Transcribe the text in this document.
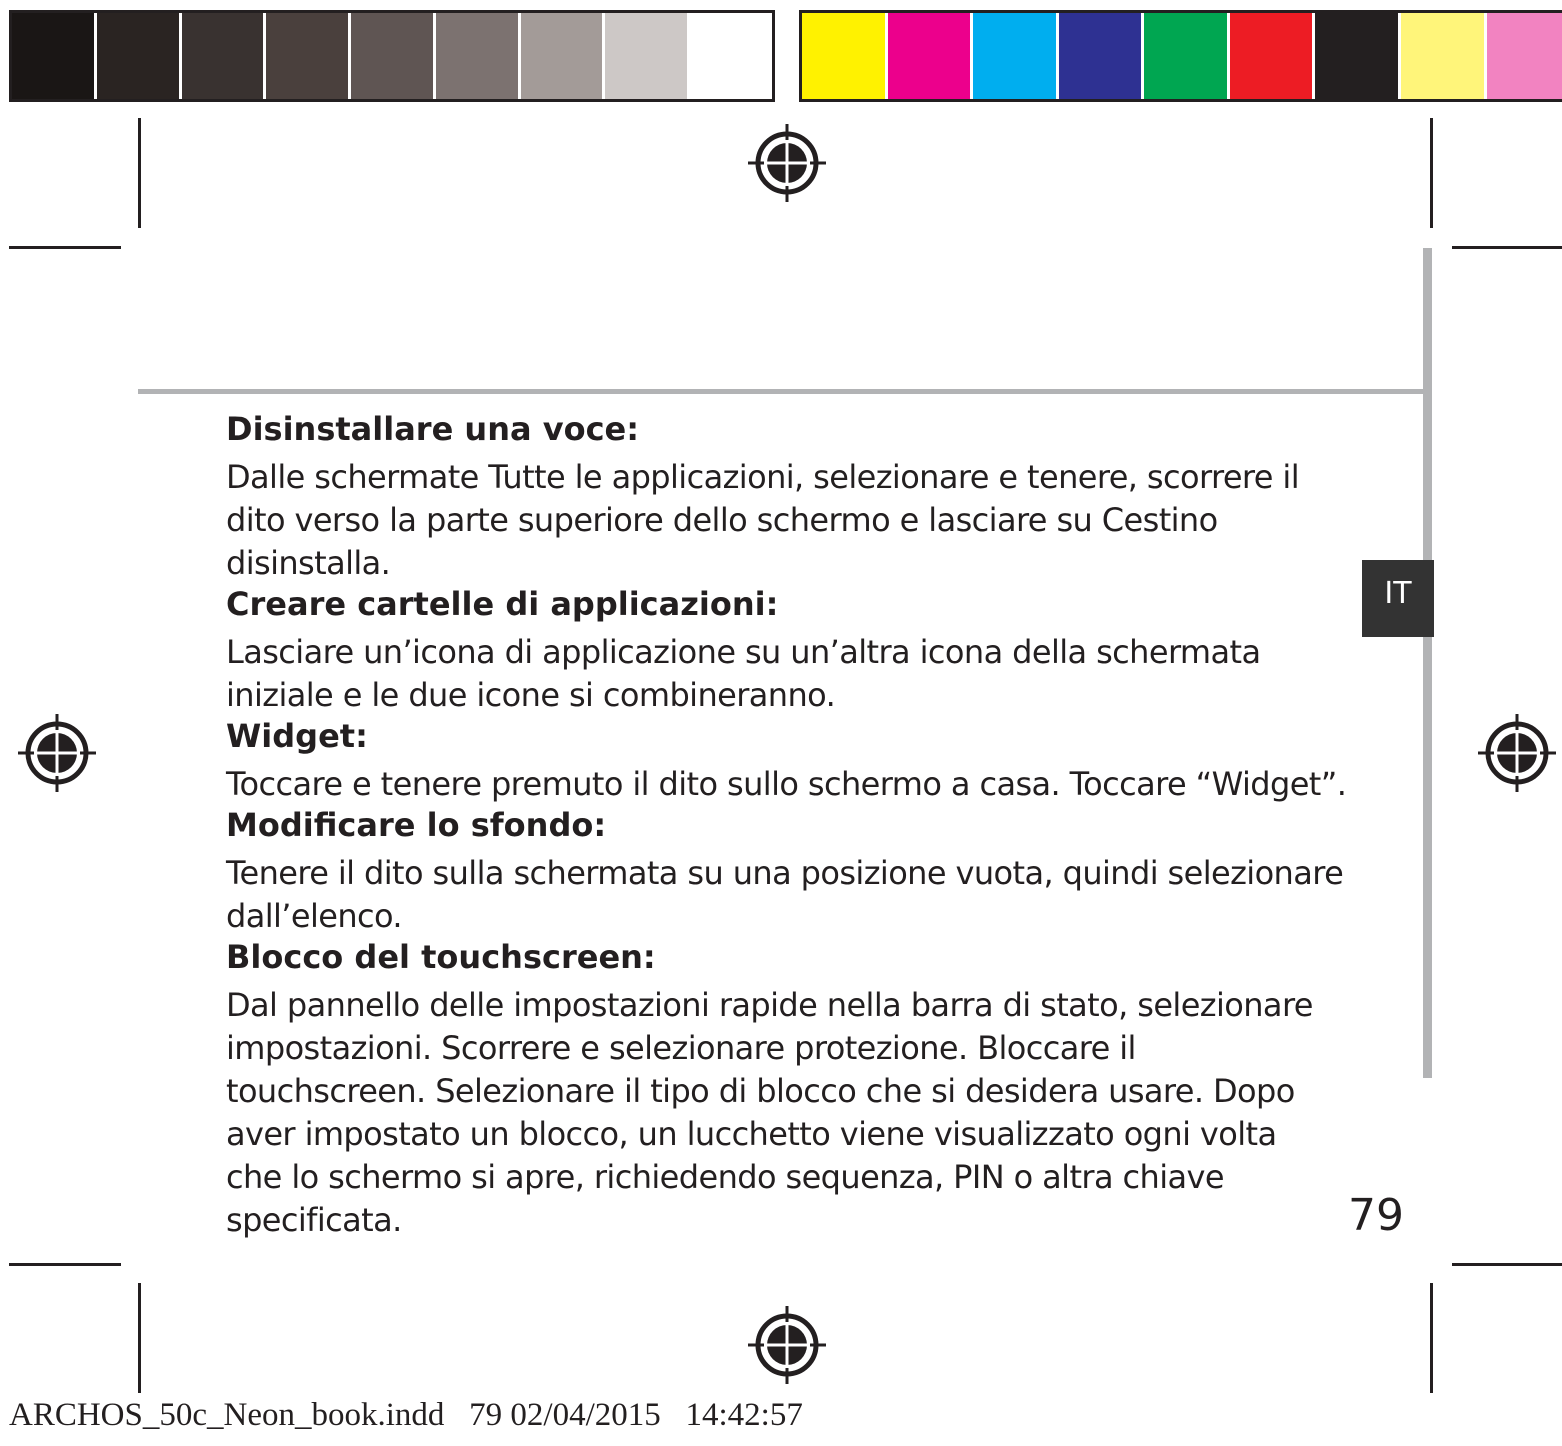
IT
Disinstallare una voce:

Dalle schermate Tutte le applicazioni, selezionare e tenere, scorrere il dito verso la parte superiore dello schermo e lasciare su Cestino disinstalla.

Creare cartelle di applicazioni:

Lasciare un’icona di applicazione su un’altra icona della schermata iniziale e le due icone si combineranno.

Widget:

Toccare e tenere premuto il dito sullo schermo a casa. Toccare “Widget”.

Modificare lo sfondo:

Tenere il dito sulla schermata su una posizione vuota, quindi selezionare dall’elenco.

Blocco del touchscreen:

Dal pannello delle impostazioni rapide nella barra di stato, selezionare impostazioni. Scorrere e selezionare protezione. Bloccare il touchscreen. Selezionare il tipo di blocco che si desidera usare. Dopo aver impostato un blocco, un lucchetto viene visualizzato ogni volta che lo schermo si apre, richiedendo sequenza, PIN o altra chiave specificata.	79
ARCHOS_50c_Neon_book.indd   79 02/04/2015   14:42:57
